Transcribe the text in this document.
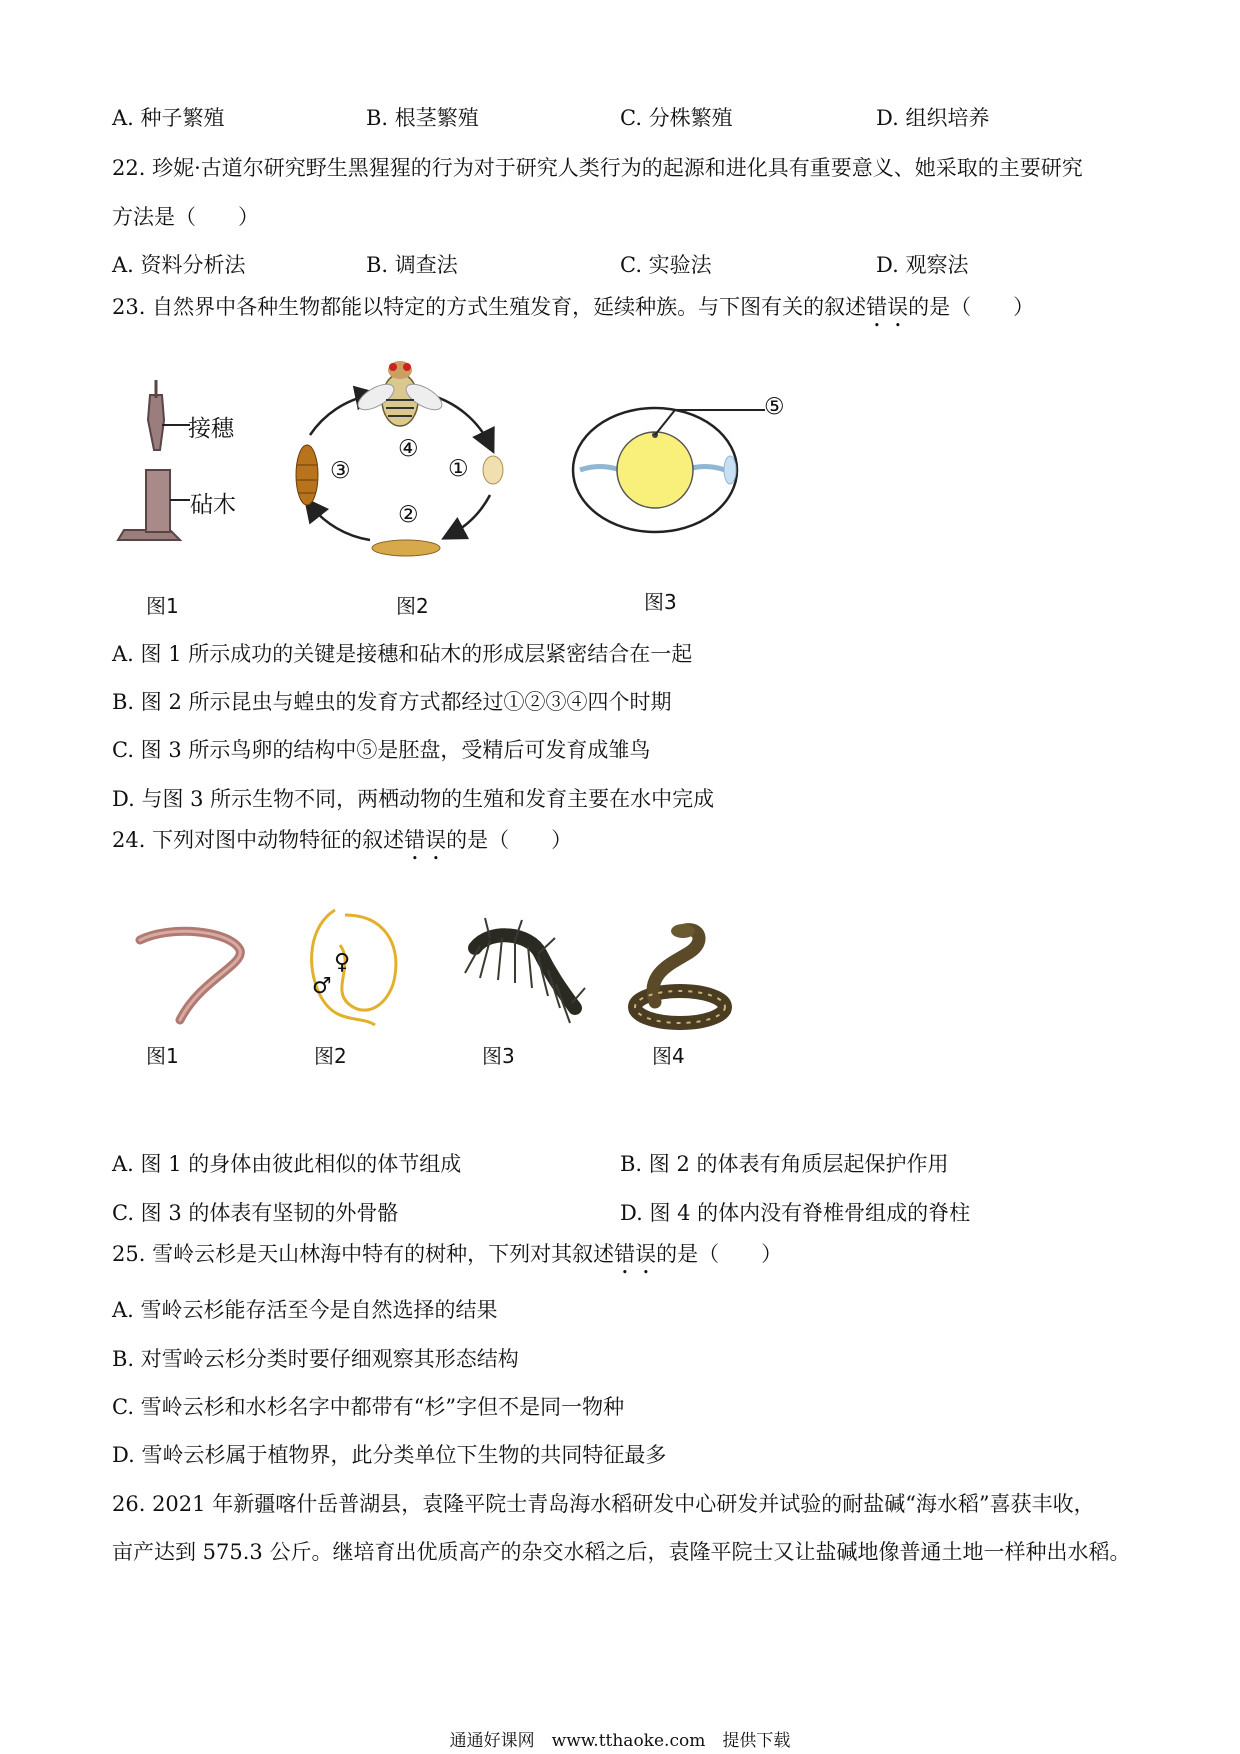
A. 种子繁殖	B. 根茎繁殖	C. 分株繁殖	D. 组织培养
22. 珍妮·古道尔研究野生黑猩猩的行为对于研究人类行为的起源和进化具有重要意义、她采取的主要研究
方法是（　　）
A. 资料分析法	B. 调查法	C. 实验法	D. 观察法
23. 自然界中各种生物都能以特定的方式生殖发育，延续种族。与下图有关的叙述错误的是（　　）
接穗
砧木
图1
④
①
②
③
图2
⑤
图3
A. 图 1 所示成功的关键是接穗和砧木的形成层紧密结合在一起
B. 图 2 所示昆虫与蝗虫的发育方式都经过①②③④四个时期
C. 图 3 所示鸟卵的结构中⑤是胚盘，受精后可发育成雏鸟
D. 与图 3 所示生物不同，两栖动物的生殖和发育主要在水中完成
24. 下列对图中动物特征的叙述错误的是（　　）
图1
♀
♂
图2	图3	图4
A. 图 1 的身体由彼此相似的体节组成	B. 图 2 的体表有角质层起保护作用
C. 图 3 的体表有坚韧的外骨骼	D. 图 4 的体内没有脊椎骨组成的脊柱
25. 雪岭云杉是天山林海中特有的树种，下列对其叙述错误的是（　　）
A. 雪岭云杉能存活至今是自然选择的结果
B. 对雪岭云杉分类时要仔细观察其形态结构
C. 雪岭云杉和水杉名字中都带有“杉”字但不是同一物种
D. 雪岭云杉属于植物界，此分类单位下生物的共同特征最多
26. 2021 年新疆喀什岳普湖县，袁隆平院士青岛海水稻研发中心研发并试验的耐盐碱“海水稻”喜获丰收，
亩产达到 575.3 公斤。继培育出优质高产的杂交水稻之后，袁隆平院士又让盐碱地像普通土地一样种出水稻。
通通好课网　www.tthaoke.com　提供下载
